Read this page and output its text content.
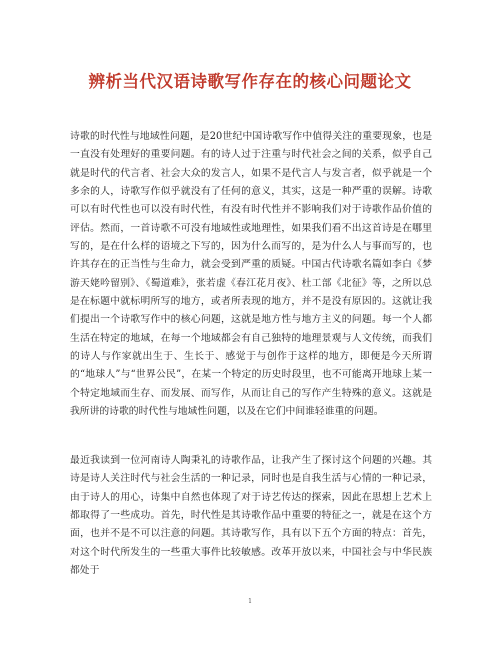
辨析当代汉语诗歌写作存在的核心问题论文

诗歌的时代性与地域性问题，是20世纪中国诗歌写作中值得关注的重要现象，也是一直没有处理好的重要问题。有的诗人过于注重与时代社会之间的关系，似乎自己就是时代的代言者、社会大众的发言人，如果不是代言人与发言者，似乎就是一个多余的人，诗歌写作似乎就没有了任何的意义，其实，这是一种严重的误解。诗歌可以有时代性也可以没有时代性，有没有时代性并不影响我们对于诗歌作品价值的评估。然而，一首诗歌不可没有地域性或地理性，如果我们看不出这首诗是在哪里写的，是在什么样的语境之下写的，因为什么而写的，是为什么人与事而写的，也许其存在的正当性与生命力，就会受到严重的质疑。中国古代诗歌名篇如李白《梦游天姥吟留别》、《蜀道难》，张若虚《春江花月夜》、杜工部《北征》等，之所以总是在标题中就标明所写的地方，或者所表现的地方，并不是没有原因的。这就让我们提出一个诗歌写作中的核心问题，这就是地方性与地方主义的问题。每一个人都生活在特定的地域，在每一个地域都会有自己独特的地理景观与人文传统，而我们的诗人与作家就出生于、生长于、感觉于与创作于这样的地方，即便是今天所谓的“地球人”与“世界公民”，在某一个特定的历史时段里，也不可能离开地球上某一个特定地域而生存、而发展、而写作，从而让自己的写作产生特殊的意义。这就是我所讲的诗歌的时代性与地域性问题，以及在它们中间谁轻谁重的问题。

最近我读到一位河南诗人陶秉礼的诗歌作品，让我产生了探讨这个问题的兴趣。其诗是诗人关注时代与社会生活的一种记录，同时也是自我生活与心情的一种记录，由于诗人的用心，诗集中自然也体现了对于诗艺传达的探索，因此在思想上艺术上都取得了一些成功。首先，时代性是其诗歌作品中重要的特征之一，就是在这个方面，也并不是不可以注意的问题。其诗歌写作，具有以下五个方面的特点：首先，对这个时代所发生的一些重大事件比较敏感。改革开放以来，中国社会与中华民族都处于

1
